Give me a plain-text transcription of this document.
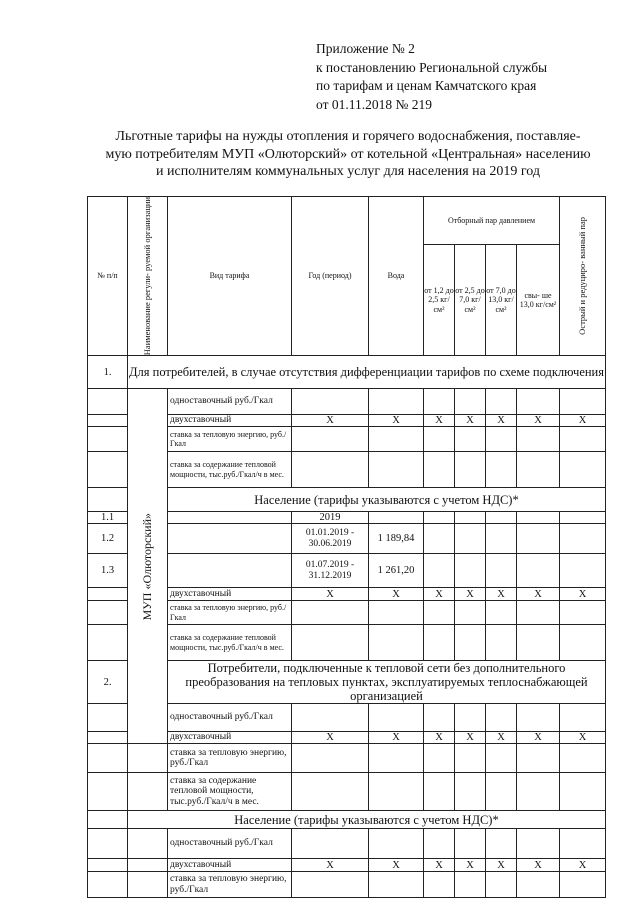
Приложение № 2
к постановлению Региональной службы
по тарифам и ценам Камчатского края
от 01.11.2018 № 219
Льготные тарифы на нужды отопления и горячего водоснабжения, поставляе-
мую потребителям МУП «Олюторский» от котельной «Центральная» населению
и исполнителям коммунальных услуг для населения на 2019 год
№ п/п	Наименование регули- руемой организации	Вид тарифа	Год (период)	Вода	Отборный пар давлением				Острый и редуциро- ванный пар

					от 1,2 до 2,5 кг/см²	от 2,5 до 7,0 кг/см²	от 7,0 до 13,0 кг/см²	свы- ше 13,0 кг/см²	
1.	Для потребителей, в случае отсутствия дифференциации тарифов по схеме подключения								

	МУП «Олюторский»	одноставочный руб./Гкал							
		двухставочный	X	X	X	X	X	X	X
		ставка за тепловую энергию, руб./Гкал							
		ставка за содержание тепловой мощности, тыс.руб./Гкал/ч в мес.							
		Население (тарифы указываются с учетом НДС)*							
1.1			2019						
1.2			01.01.2019 - 30.06.2019	1 189,84					
1.3			01.07.2019 - 31.12.2019	1 261,20					
		двухставочный	X	X	X	X	X	X	X
		ставка за тепловую энергию, руб./Гкал							
		ставка за содержание тепловой мощности, тыс.руб./Гкал/ч в мес.							
2.		Потребители, подключенные к тепловой сети без дополнительного преобразования на тепловых пунктах, эксплуатируемых теплоснабжающей организацией							
		одноставочный руб./Гкал							
		двухставочный	X	X	X	X	X	X	X
		ставка за тепловую энергию, руб./Гкал							
		ставка за содержание тепловой мощности, тыс.руб./Гкал/ч в мес.							
	Население (тарифы указываются с учетом НДС)*								
		одноставочный руб./Гкал							
		двухставочный	X	X	X	X	X	X	X
		ставка за тепловую энергию, руб./Гкал							
